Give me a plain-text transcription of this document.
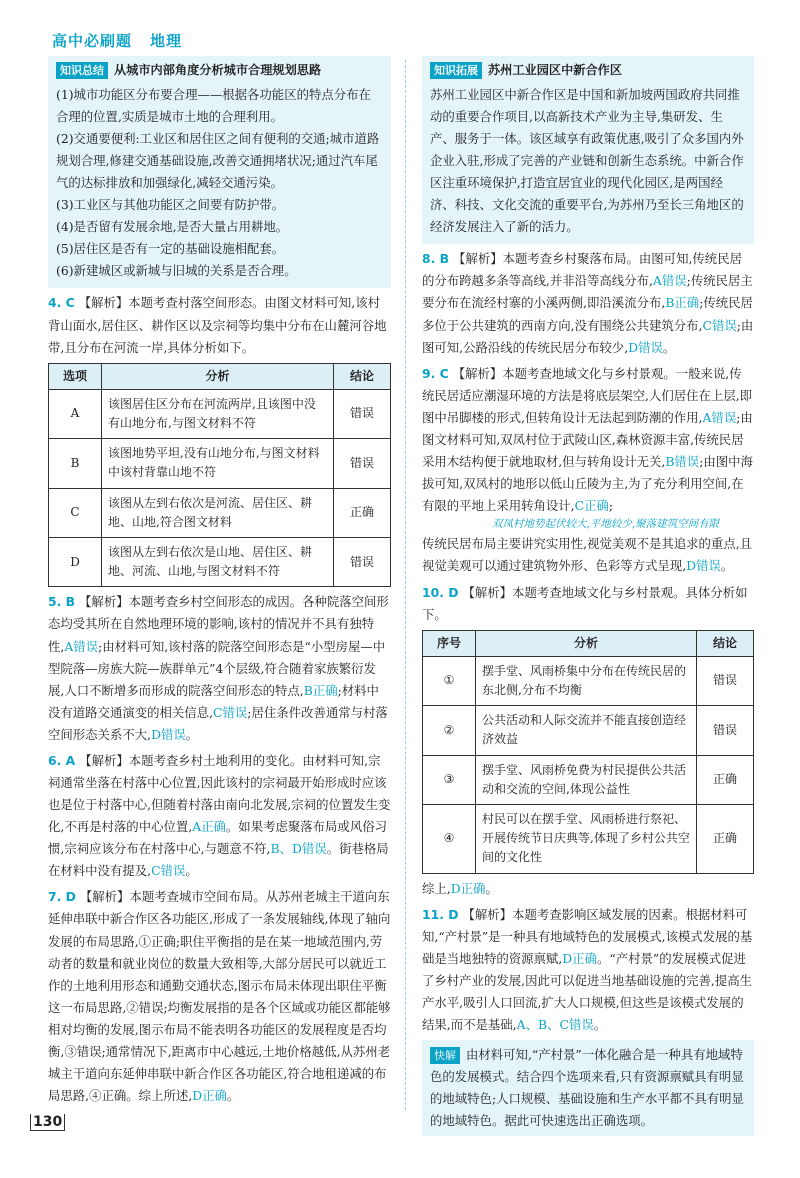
高中必刷题 地理
知识总结 从城市内部角度分析城市合理规划思路

(1)城市功能区分布要合理——根据各功能区的特点分布在合理的位置,实质是城市土地的合理利用。

(2)交通要便利:工业区和居住区之间有便利的交通;城市道路规划合理,修建交通基础设施,改善交通拥堵状况;通过汽车尾气的达标排放和加强绿化,减轻交通污染。

(3)工业区与其他功能区之间要有防护带。

(4)是否留有发展余地,是否大量占用耕地。

(5)居住区是否有一定的基础设施相配套。

(6)新建城区或新城与旧城的关系是否合理。

4. C 【解析】本题考查村落空间形态。由图文材料可知,该村背山面水,居住区、耕作区以及宗祠等均集中分布在山麓河谷地带,且分布在河流一岸,具体分析如下。

选项	分析	结论
A	该图居住区分布在河流两岸,且该图中没有山地分布,与图文材料不符	错误
B	该图地势平坦,没有山地分布,与图文材料中该村背靠山地不符	错误
C	该图从左到右依次是河流、居住区、耕地、山地,符合图文材料	正确
D	该图从左到右依次是山地、居住区、耕地、河流、山地,与图文材料不符	错误

5. B 【解析】本题考查乡村空间形态的成因。各种院落空间形态均受其所在自然地理环境的影响,该村的情况并不具有独特性,A错误;由材料可知,该村落的院落空间形态是“小型房屋—中型院落—房族大院—族群单元”4个层级,符合随着家族繁衍发展,人口不断增多而形成的院落空间形态的特点,B正确;材料中没有道路交通演变的相关信息,C错误;居住条件改善通常与村落空间形态关系不大,D错误。

6. A 【解析】本题考查乡村土地利用的变化。由材料可知,宗祠通常坐落在村落中心位置,因此该村的宗祠最开始形成时应该也是位于村落中心,但随着村落由南向北发展,宗祠的位置发生变化,不再是村落的中心位置,A正确。如果考虑聚落布局或风俗习惯,宗祠应该分布在村落中心,与题意不符,B、D错误。街巷格局在材料中没有提及,C错误。

7. D 【解析】本题考查城市空间布局。从苏州老城主干道向东延伸串联中新合作区各功能区,形成了一条发展轴线,体现了轴向发展的布局思路,①正确;职住平衡指的是在某一地域范围内,劳动者的数量和就业岗位的数量大致相等,大部分居民可以就近工作的土地利用形态和通勤交通状态,图示布局未体现出职住平衡这一布局思路,②错误;均衡发展指的是各个区域或功能区都能够相对均衡的发展,图示布局不能表明各功能区的发展程度是否均衡,③错误;通常情况下,距离市中心越远,土地价格越低,从苏州老城主干道向东延伸串联中新合作区各功能区,符合地租递减的布局思路,④正确。综上所述,D正确。

知识拓展 苏州工业园区中新合作区

苏州工业园区中新合作区是中国和新加坡两国政府共同推动的重要合作项目,以高新技术产业为主导,集研发、生产、服务于一体。该区域享有政策优惠,吸引了众多国内外企业入驻,形成了完善的产业链和创新生态系统。中新合作区注重环境保护,打造宜居宜业的现代化园区,是两国经济、科技、文化交流的重要平台,为苏州乃至长三角地区的经济发展注入了新的活力。

8. B 【解析】本题考查乡村聚落布局。由图可知,传统民居的分布跨越多条等高线,并非沿等高线分布,A错误;传统民居主要分布在流经村寨的小溪两侧,即沿溪流分布,B正确;传统民居多位于公共建筑的西南方向,没有围绕公共建筑分布,C错误;由图可知,公路沿线的传统民居分布较少,D错误。

9. C 【解析】本题考查地域文化与乡村景观。一般来说,传统民居适应潮湿环境的方法是将底层架空,人们居住在上层,即图中吊脚楼的形式,但转角设计无法起到防潮的作用,A错误;由图文材料可知,双凤村位于武陵山区,森林资源丰富,传统民居采用木结构便于就地取材,但与转角设计无关,B错误;由图中海拔可知,双凤村的地形以低山丘陵为主,为了充分利用空间,在有限的平地上采用转角设计,C正确;

双凤村地势起伏较大,平地较少,聚落建筑空间有限

传统民居布局主要讲究实用性,视觉美观不是其追求的重点,且视觉美观可以通过建筑物外形、色彩等方式呈现,D错误。

10. D 【解析】本题考查地域文化与乡村景观。具体分析如下。

序号	分析	结论
①	摆手堂、风雨桥集中分布在传统民居的东北侧,分布不均衡	错误
②	公共活动和人际交流并不能直接创造经济效益	错误
③	摆手堂、风雨桥免费为村民提供公共活动和交流的空间,体现公益性	正确
④	村民可以在摆手堂、风雨桥进行祭祀、开展传统节日庆典等,体现了乡村公共空间的文化性	正确

综上,D正确。

11. D 【解析】本题考查影响区域发展的因素。根据材料可知,“产村景”是一种具有地域特色的发展模式,该模式发展的基础是当地独特的资源禀赋,D正确。“产村景”的发展模式促进了乡村产业的发展,因此可以促进当地基础设施的完善,提高生产水平,吸引人口回流,扩大人口规模,但这些是该模式发展的结果,而不是基础,A、B、C错误。

快解 由材料可知,“产村景”一体化融合是一种具有地域特色的发展模式。结合四个选项来看,只有资源禀赋具有明显的地域特色;人口规模、基础设施和生产水平都不具有明显的地域特色。据此可快速选出正确选项。
130
